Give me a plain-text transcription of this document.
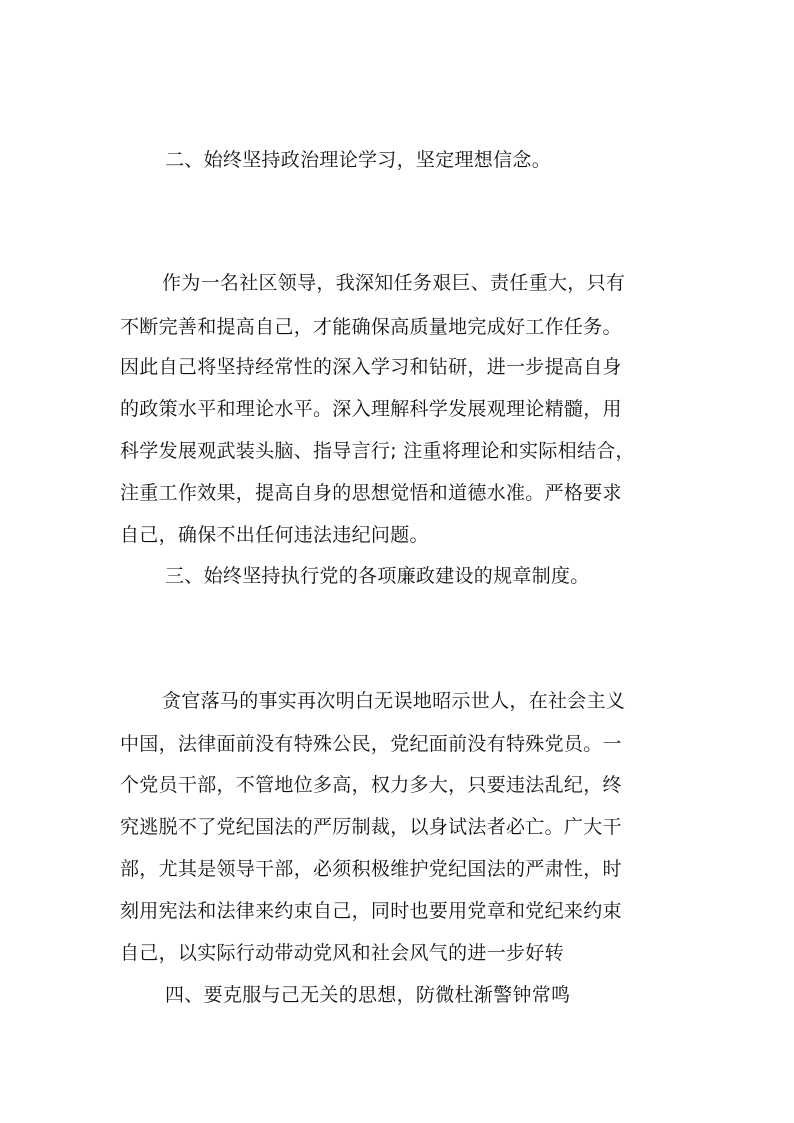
二、始终坚持政治理论学习，坚定理想信念。
作为一名社区领导，我深知任务艰巨、责任重大，只有
不断完善和提高自己，才能确保高质量地完成好工作任务。
因此自己将坚持经常性的深入学习和钻研，进一步提高自身
的政策水平和理论水平。深入理解科学发展观理论精髓，用
科学发展观武装头脑、指导言行; 注重将理论和实际相结合，
注重工作效果，提高自身的思想觉悟和道德水准。严格要求
自己，确保不出任何违法违纪问题。
三、始终坚持执行党的各项廉政建设的规章制度。
贪官落马的事实再次明白无误地昭示世人，在社会主义
中国，法律面前没有特殊公民，党纪面前没有特殊党员。一
个党员干部，不管地位多高，权力多大，只要违法乱纪，终
究逃脱不了党纪国法的严厉制裁，以身试法者必亡。广大干
部，尤其是领导干部，必须积极维护党纪国法的严肃性，时
刻用宪法和法律来约束自己，同时也要用党章和党纪来约束
自己，以实际行动带动党风和社会风气的进一步好转
四、要克服与己无关的思想，防微杜渐警钟常鸣
